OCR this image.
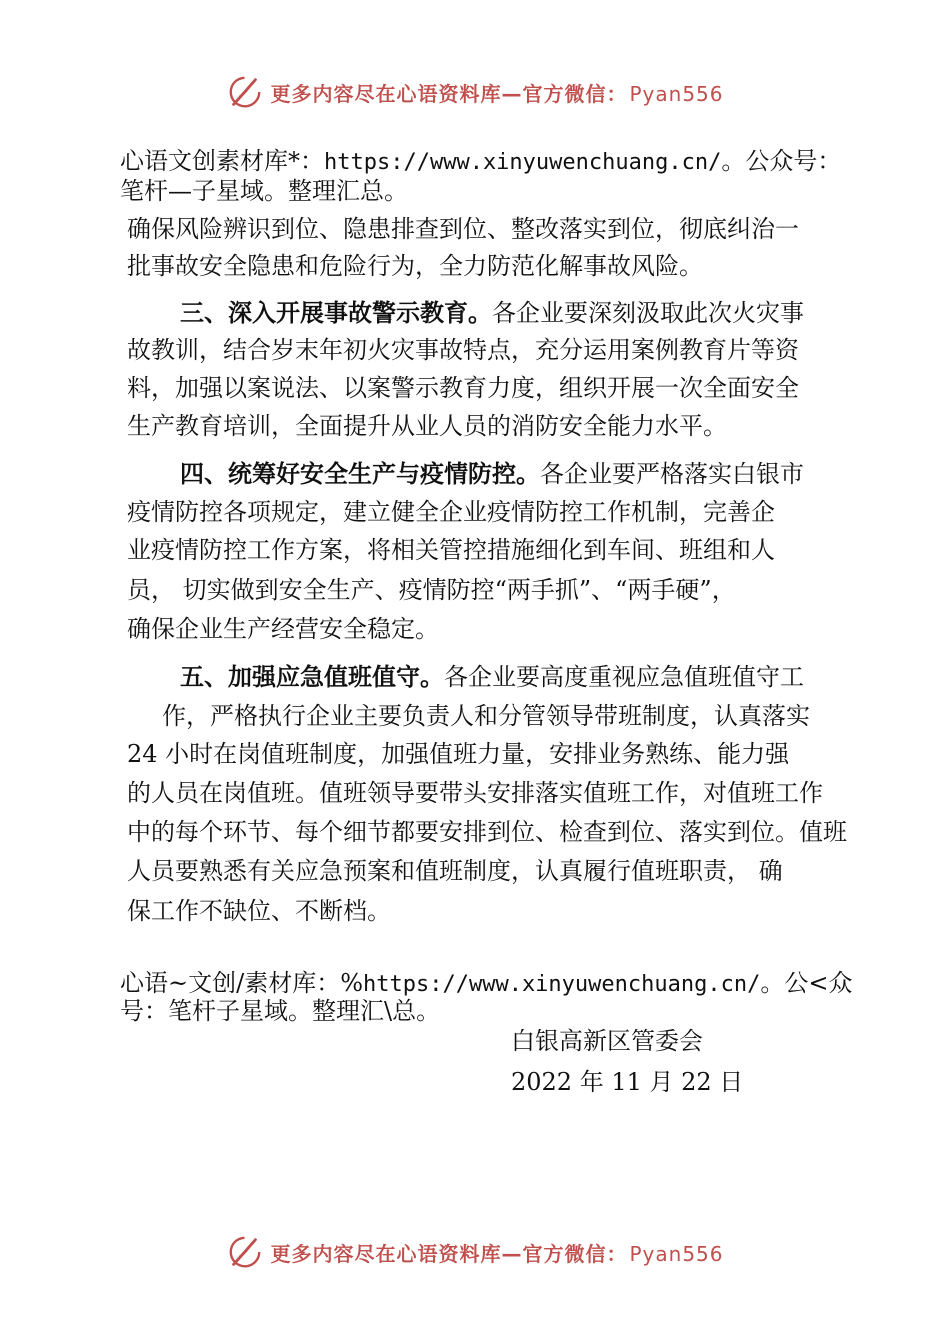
更多内容尽在心语资料库—官方微信： Pyan556
心语文创素材库*：https://www.xinyuwenchuang.cn/。公众号：
笔杆—子星域。整理汇总。
确保风险辨识到位、隐患排查到位、整改落实到位，彻底纠治一
批事故安全隐患和危险行为，全力防范化解事故风险。
三、深入开展事故警示教育。各企业要深刻汲取此次火灾事
故教训，结合岁末年初火灾事故特点，充分运用案例教育片等资
料，加强以案说法、以案警示教育力度，组织开展一次全面安全
生产教育培训，全面提升从业人员的消防安全能力水平。
四、统筹好安全生产与疫情防控。各企业要严格落实白银市
疫情防控各项规定，建立健全企业疫情防控工作机制，完善企
业疫情防控工作方案，将相关管控措施细化到车间、班组和人
员， 切实做到安全生产、疫情防控“两手抓”、“两手硬”，
确保企业生产经营安全稳定。
五、加强应急值班值守。各企业要高度重视应急值班值守工
作，严格执行企业主要负责人和分管领导带班制度，认真落实
24 小时在岗值班制度，加强值班力量，安排业务熟练、能力强
的人员在岗值班。值班领导要带头安排落实值班工作，对值班工作
中的每个环节、每个细节都要安排到位、检查到位、落实到位。值班
人员要熟悉有关应急预案和值班制度，认真履行值班职责， 确
保工作不缺位、不断档。
心语~文创/素材库：%https://www.xinyuwenchuang.cn/。公<众
号：笔杆子星域。整理汇\总。
白银高新区管委会
2022 年 11 月 22 日
更多内容尽在心语资料库—官方微信： Pyan556
